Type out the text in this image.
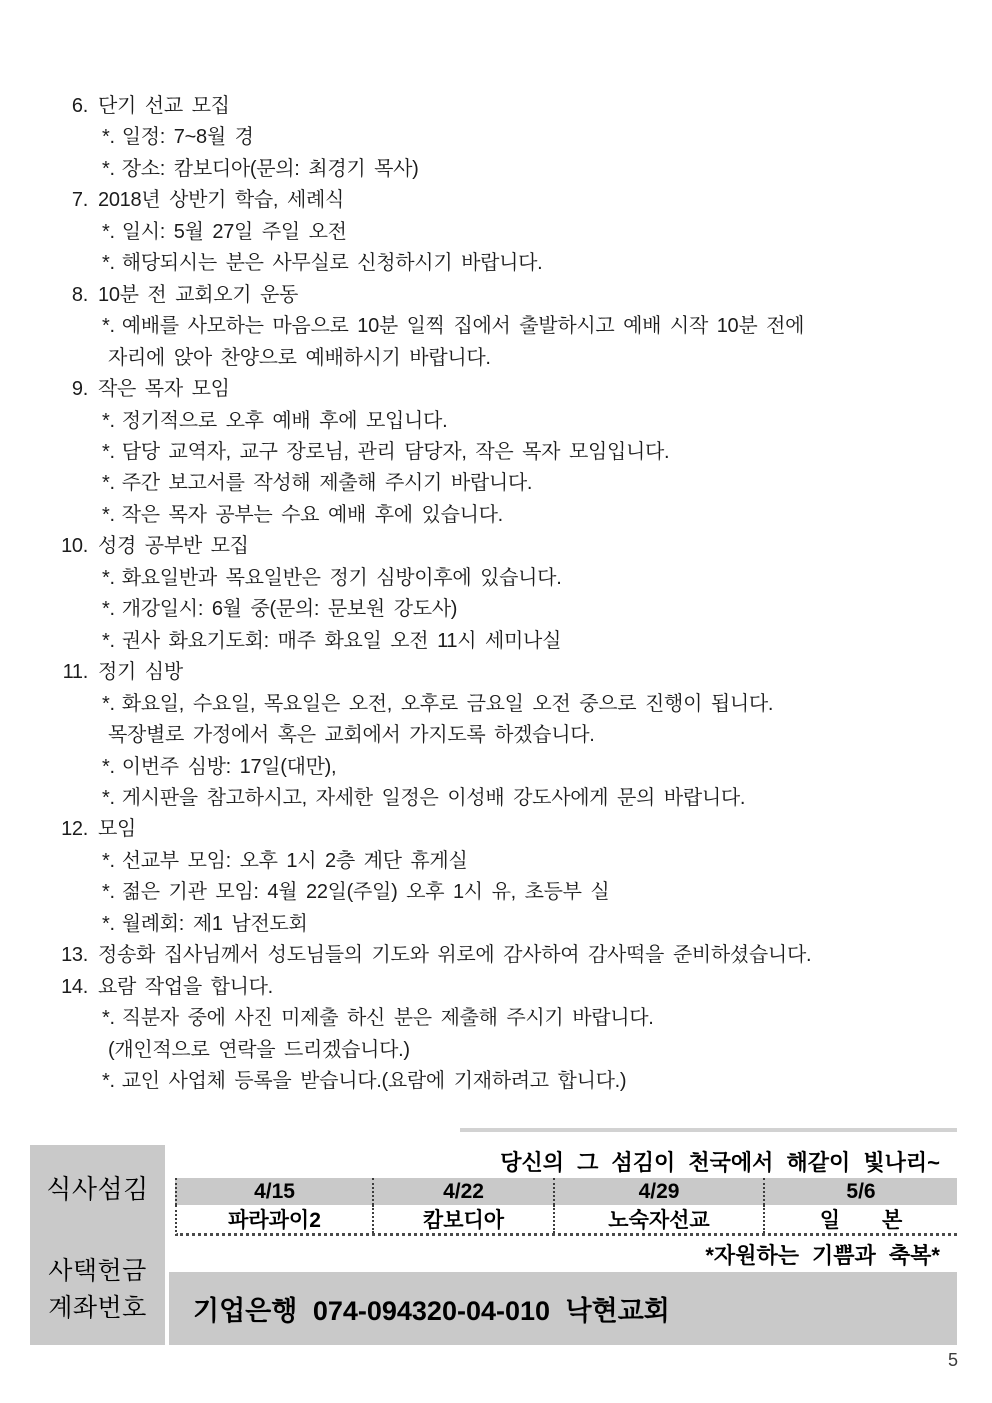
6. 단기 선교 모집
*. 일정: 7~8월 경
*. 장소: 캄보디아(문의: 최경기 목사)
7. 2018년 상반기 학습, 세례식
*. 일시: 5월 27일 주일 오전
*. 해당되시는 분은 사무실로 신청하시기 바랍니다.
8. 10분 전 교회오기 운동
*. 예배를 사모하는 마음으로 10분 일찍 집에서 출발하시고 예배 시작 10분 전에
자리에 앉아 찬양으로 예배하시기 바랍니다.
9. 작은 목자 모임
*. 정기적으로 오후 예배 후에 모입니다.
*. 담당 교역자, 교구 장로님, 관리 담당자, 작은 목자 모임입니다.
*. 주간 보고서를 작성해 제출해 주시기 바랍니다.
*. 작은 목자 공부는 수요 예배 후에 있습니다.
10. 성경 공부반 모집
*. 화요일반과 목요일반은 정기 심방이후에 있습니다.
*. 개강일시: 6월 중(문의: 문보원 강도사)
*. 권사 화요기도회: 매주 화요일 오전 11시 세미나실
11. 정기 심방
*. 화요일, 수요일, 목요일은 오전, 오후로 금요일 오전 중으로 진행이 됩니다.
목장별로 가정에서 혹은 교회에서 가지도록 하겠습니다.
*. 이번주 심방: 17일(대만),
*. 게시판을 참고하시고, 자세한 일정은 이성배 강도사에게 문의 바랍니다.
12. 모임
*. 선교부 모임: 오후 1시 2층 계단 휴게실
*. 젊은 기관 모임: 4월 22일(주일) 오후 1시 유, 초등부 실
*. 월례회: 제1 남전도회
13. 정송화 집사님께서 성도님들의 기도와 위로에 감사하여 감사떡을 준비하셨습니다.
14. 요람 작업을 합니다.
*. 직분자 중에 사진 미제출 하신 분은 제출해 주시기 바랍니다.
(개인적으로 연락을 드리겠습니다.)
*. 교인 사업체 등록을 받습니다.(요람에 기재하려고 합니다.)
식사섬김
사택헌금
계좌번호
당신의 그 섬김이 천국에서 해같이 빛나리~
4/15	4/22	4/29	5/6
파라과이2	캄보디아	노숙자선교	일　　본
*자원하는 기쁨과 축복*
기업은행 074-094320-04-010 낙현교회
5
